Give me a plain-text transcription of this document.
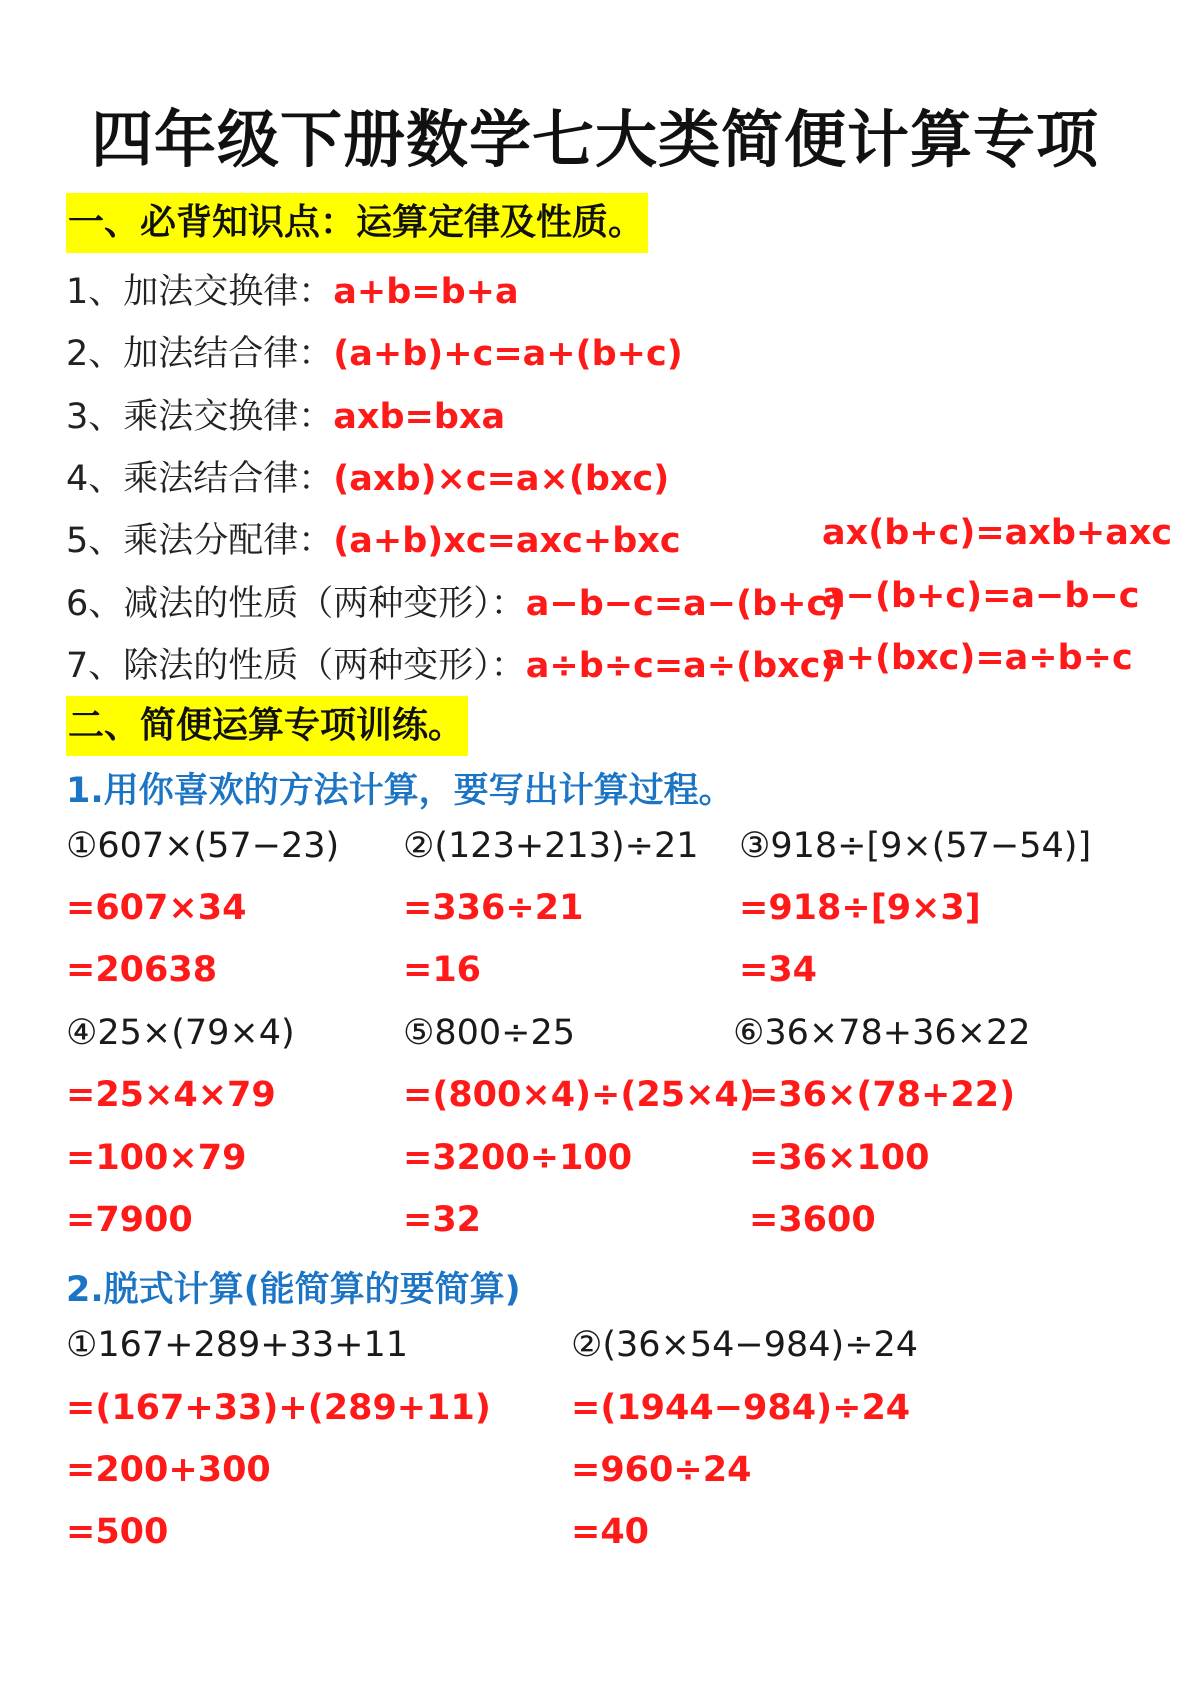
四年级下册数学七大类简便计算专项
一、必背知识点：运算定律及性质。
1、加法交换律：a+b=b+a
2、加法结合律：(a+b)+c=a+(b+c)
3、乘法交换律：axb=bxa
4、乘法结合律：(axb)×c=a×(bxc)
5、乘法分配律：(a+b)xc=axc+bxc	ax(b+c)=axb+axc
6、减法的性质（两种变形）：a−b−c=a−(b+c)
a−(b+c)=a−b−c
7、除法的性质（两种变形）：a÷b÷c=a÷(bxc)
a+(bxc)=a÷b÷c
二、简便运算专项训练。
1.用你喜欢的方法计算，要写出计算过程。
①607×(57−23)
=607×34
=20638
②(123+213)÷21
=336÷21
=16
③918÷[9×(57−54)]
=918÷[9×3]
=34
④25×(79×4)
=25×4×79
=100×79
=7900
⑤800÷25
=(800×4)÷(25×4)
=3200÷100
=32
⑥36×78+36×22
=36×(78+22)
=36×100
=3600
2.脱式计算(能简算的要简算)
①167+289+33+11
=(167+33)+(289+11)
=200+300
=500
②(36×54−984)÷24
=(1944−984)÷24
=960÷24
=40
